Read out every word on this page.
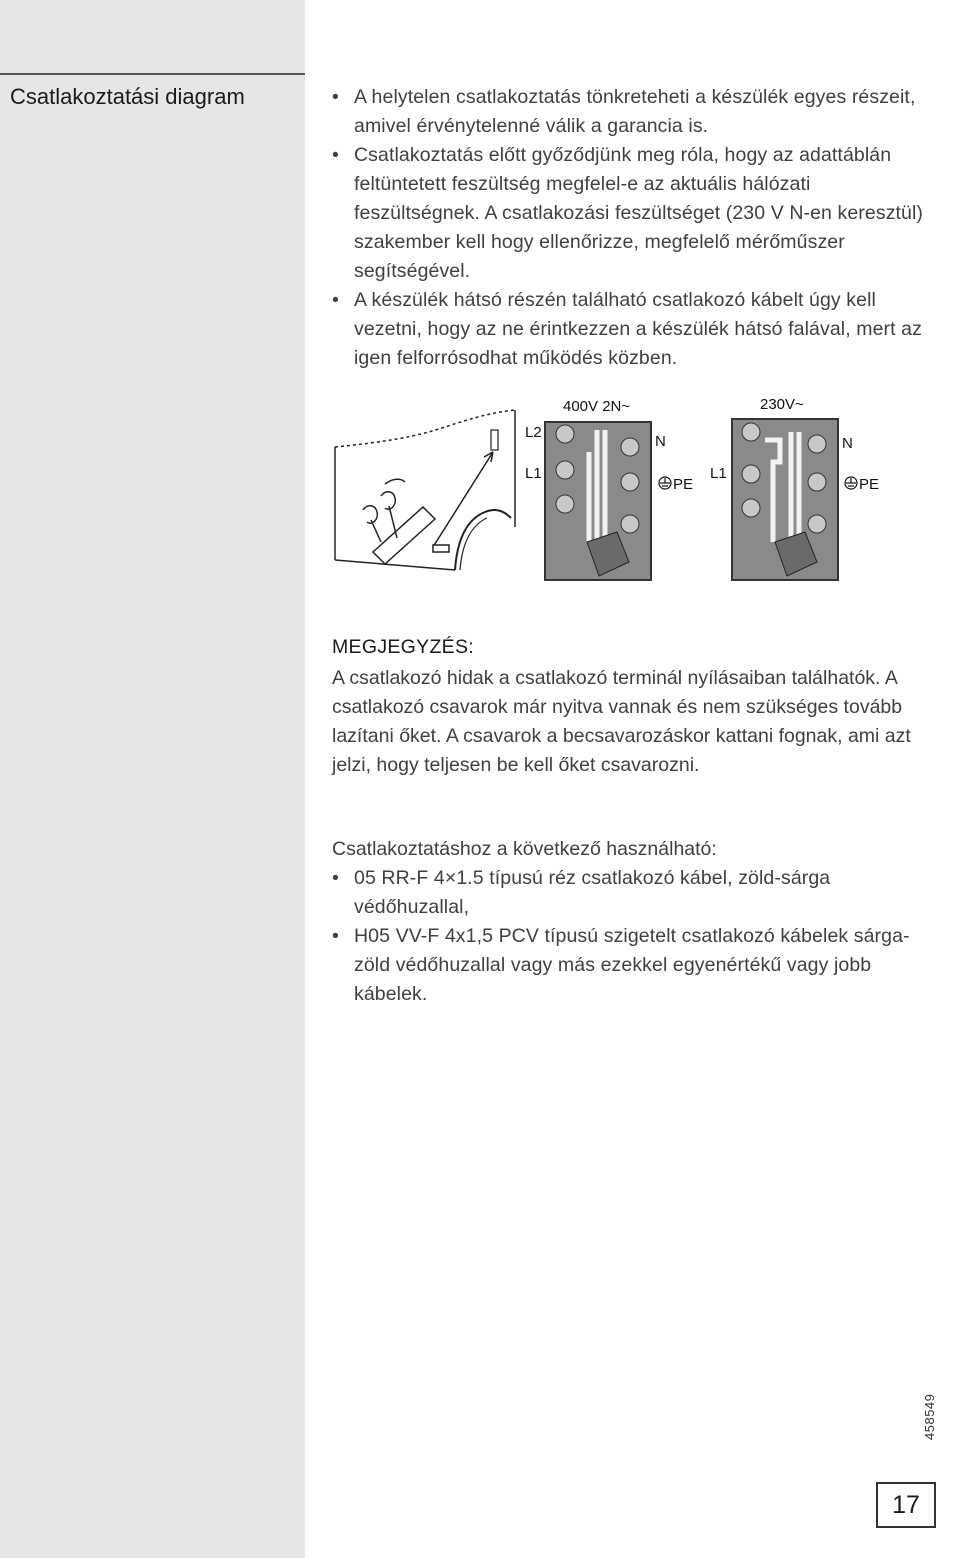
Csatlakoztatási diagram
•	A helytelen csatlakoztatás tönkreteheti a készülék egyes részeit, amivel érvénytelenné válik a garancia is.
• Csatlakoztatás előtt győződjünk meg róla, hogy az adattáblán feltüntetett feszültség megfelel-e az aktuális hálózati feszültségnek. A csatlakozási feszültséget (230 V N-en keresztül) szakember kell hogy ellenőrizze, megfelelő mérőműszer segítségével.
• A készülék hátsó részén található csatlakozó kábelt úgy kell vezetni, hogy az ne érintkezzen a készülék hátsó falával, mert az igen felforrósodhat működés közben.
400V 2N~	230V~
L2
L1
N
L1
N
PE	PE
MEGJEGYZÉS:
A csatlakozó hidak a csatlakozó terminál nyílásaiban találhatók. A csatlakozó csavarok már nyitva vannak és nem szükséges tovább lazítani őket. A csavarok a becsavarozáskor kattani fognak, ami azt jelzi, hogy teljesen be kell őket csavarozni.
Csatlakoztatáshoz a következő használható:
• 05 RR-F 4×1.5 típusú réz csatlakozó kábel, zöld-sárga védőhuzallal,
• H05 VV-F 4x1,5 PCV típusú szigetelt csatlakozó kábelek sárga-zöld védőhuzallal vagy más ezekkel egyenértékű vagy jobb kábelek.
458549
17
